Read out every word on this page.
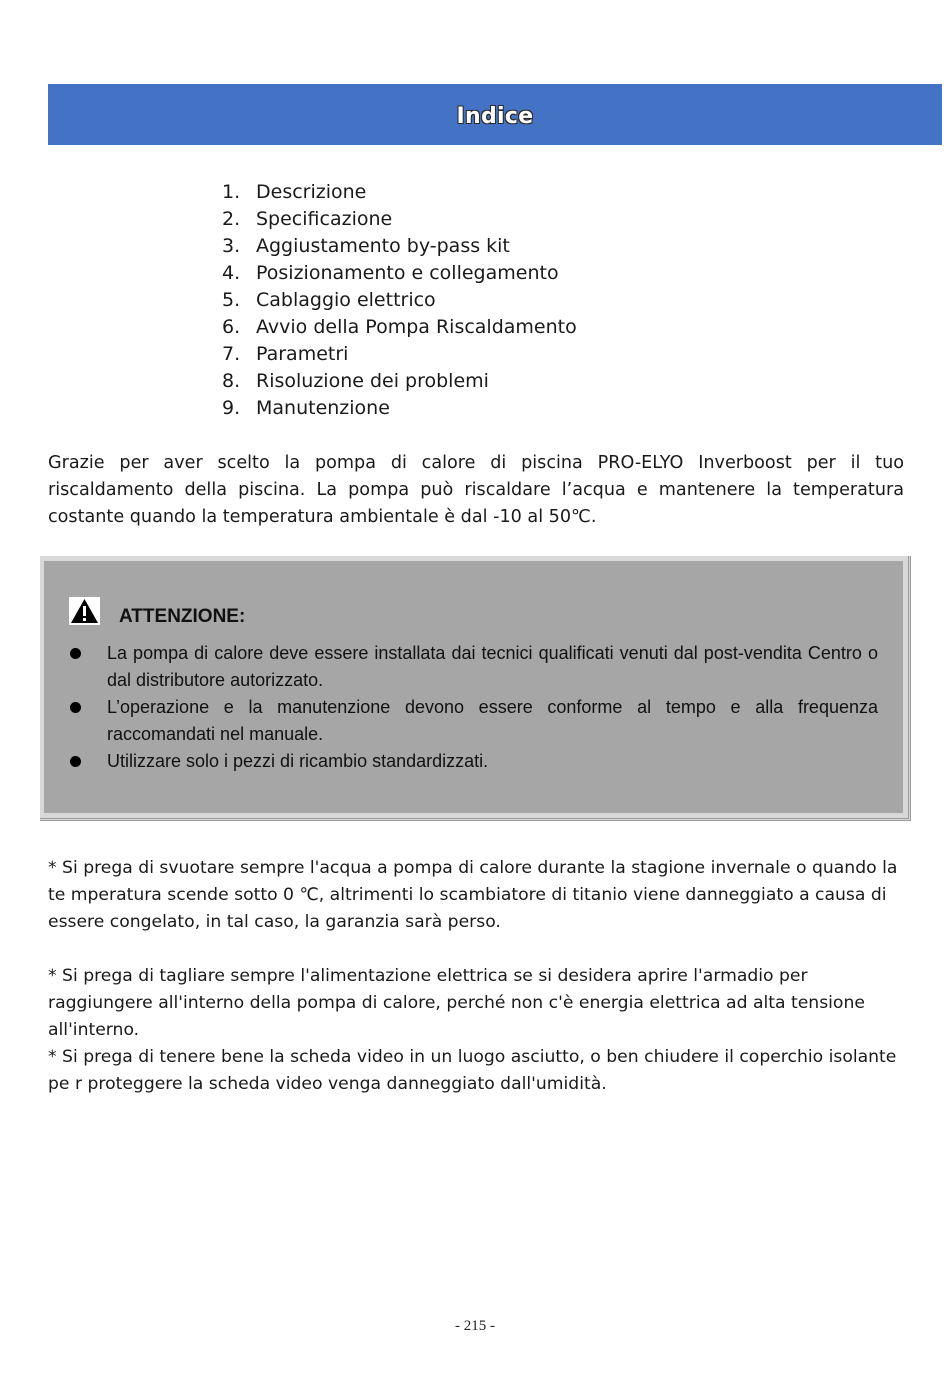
Indice
1. Descrizione
2. Specificazione
3. Aggiustamento by-pass kit
4. Posizionamento e collegamento
5. Cablaggio elettrico
6. Avvio della Pompa Riscaldamento
7. Parametri
8. Risoluzione dei problemi
9. Manutenzione

Grazie per aver scelto la pompa di calore di piscina PRO-ELYO Inverboost per il tuo riscaldamento della piscina. La pompa può riscaldare l’acqua e mantenere la temperatura costante quando la temperatura ambientale è dal -10 al 50℃.

ATTENZIONE:
La pompa di calore deve essere installata dai tecnici qualificati venuti dal post-vendita Centro o dal distributore autorizzato.
L’operazione e la manutenzione devono essere conforme al tempo e alla frequenza raccomandati nel manuale.
Utilizzare solo i pezzi di ricambio standardizzati.

* Si prega di svuotare sempre l'acqua a pompa di calore durante la stagione invernale o quando la te mperatura scende sotto 0 ℃, altrimenti lo scambiatore di titanio viene danneggiato a causa di essere congelato, in tal caso, la garanzia sarà perso.

* Si prega di tagliare sempre l'alimentazione elettrica se si desidera aprire l'armadio per raggiungere all'interno della pompa di calore, perché non c'è energia elettrica ad alta tensione all'interno.

* Si prega di tenere bene la scheda video in un luogo asciutto, o ben chiudere il coperchio isolante pe r proteggere la scheda video venga danneggiato dall'umidità.

- 215 -
